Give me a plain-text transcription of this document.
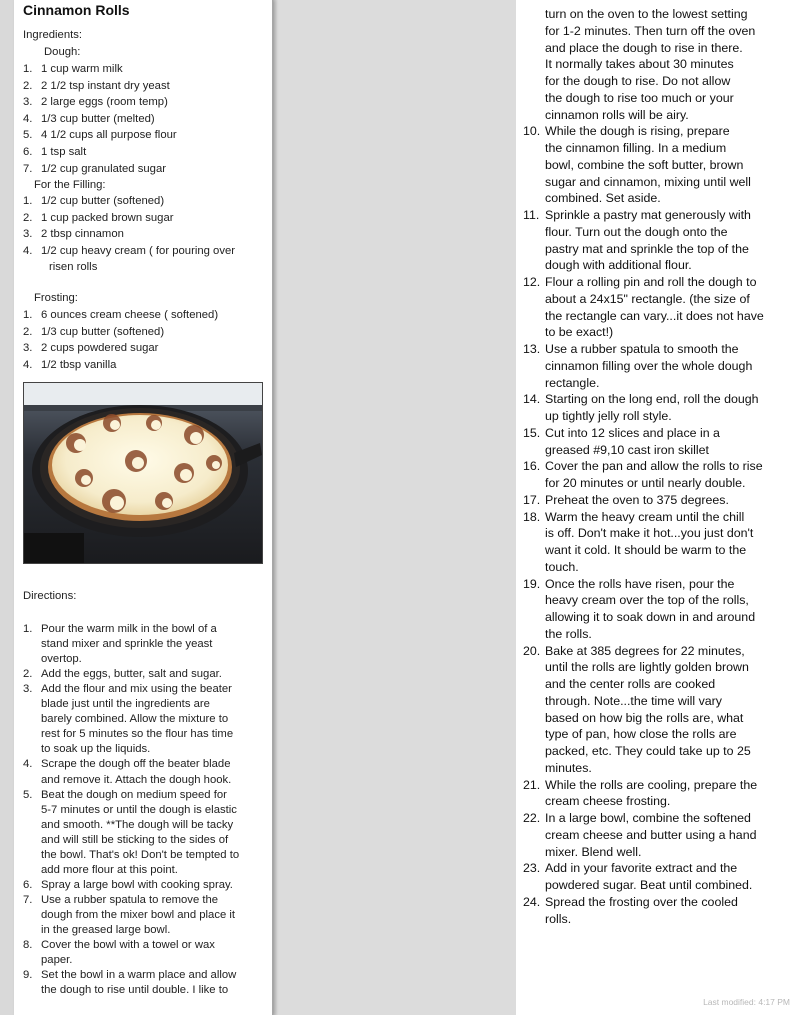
Cinnamon Rolls
Ingredients:
Dough:
1. 1 cup warm milk
2. 2 1/2 tsp instant dry yeast
3. 2 large eggs (room temp)
4. 1/3 cup butter (melted)
5. 4 1/2 cups all purpose flour
6. 1 tsp salt
7. 1/2 cup granulated sugar
For the Filling:
1. 1/2 cup butter (softened)
2. 1 cup packed brown sugar
3. 2 tbsp cinnamon
4. 1/2 cup heavy cream ( for pouring over
risen rolls
Frosting:
1. 6 ounces cream cheese ( softened)
2. 1/3 cup butter (softened)
3. 2 cups powdered sugar
4. 1/2 tbsp vanilla
Directions:
1. Pour the warm milk in the bowl of a
stand mixer and sprinkle the yeast
overtop.
2. Add the eggs, butter, salt and sugar.
3. Add the flour and mix using the beater
blade just until the ingredients are
barely combined. Allow the mixture to
rest for 5 minutes so the flour has time
to soak up the liquids.
4. Scrape the dough off the beater blade
and remove it. Attach the dough hook.
5. Beat the dough on medium speed for
5-7 minutes or until the dough is elastic
and smooth. **The dough will be tacky
and will still be sticking to the sides of
the bowl. That's ok! Don't be tempted to
add more flour at this point.
6. Spray a large bowl with cooking spray.
7. Use a rubber spatula to remove the
dough from the mixer bowl and place it
in the greased large bowl.
8. Cover the bowl with a towel or wax
paper.
9. Set the bowl in a warm place and allow
the dough to rise until double. I like to
turn on the oven to the lowest setting
for 1-2 minutes. Then turn off the oven
and place the dough to rise in there.
It normally takes about 30 minutes
for the dough to rise. Do not allow
the dough to rise too much or your
cinnamon rolls will be airy.
10. While the dough is rising, prepare
the cinnamon filling. In a medium
bowl, combine the soft butter, brown
sugar and cinnamon, mixing until well
combined. Set aside.
11. Sprinkle a pastry mat generously with
flour. Turn out the dough onto the
pastry mat and sprinkle the top of the
dough with additional flour.
12. Flour a rolling pin and roll the dough to
about a 24x15" rectangle. (the size of
the rectangle can vary...it does not have
to be exact!)
13. Use a rubber spatula to smooth the
cinnamon filling over the whole dough
rectangle.
14. Starting on the long end, roll the dough
up tightly jelly roll style.
15. Cut into 12 slices and place in a
greased #9,10 cast iron skillet
16. Cover the pan and allow the rolls to rise
for 20 minutes or until nearly double.
17. Preheat the oven to 375 degrees.
18. Warm the heavy cream until the chill
is off. Don't make it hot...you just don't
want it cold. It should be warm to the
touch.
19. Once the rolls have risen, pour the
heavy cream over the top of the rolls,
allowing it to soak down in and around
the rolls.
20. Bake at 385 degrees for 22 minutes,
until the rolls are lightly golden brown
and the center rolls are cooked
through. Note...the time will vary
based on how big the rolls are, what
type of pan, how close the rolls are
packed, etc. They could take up to 25
minutes.
21. While the rolls are cooling, prepare the
cream cheese frosting.
22. In a large bowl, combine the softened
cream cheese and butter using a hand
mixer. Blend well.
23. Add in your favorite extract and the
powdered sugar. Beat until combined.
24. Spread the frosting over the cooled
rolls.
Last modified: 4:17 PM
